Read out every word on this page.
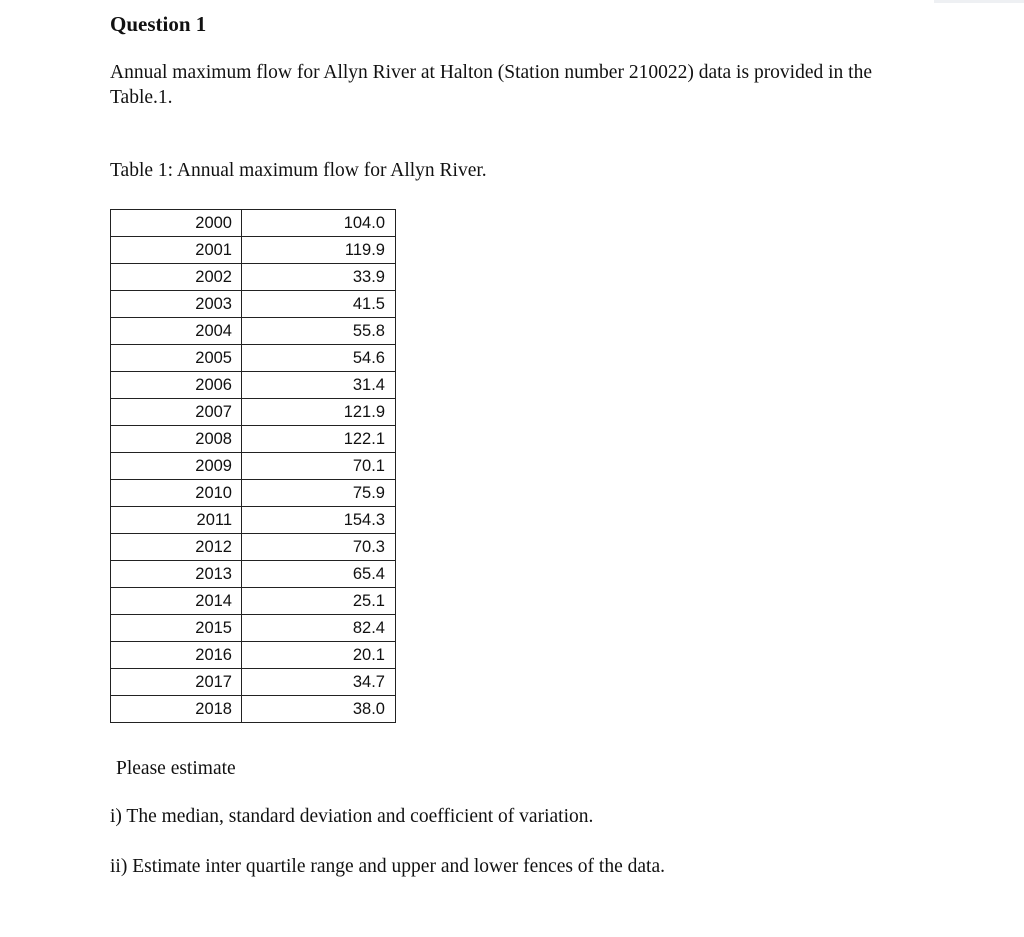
Question 1

Annual maximum flow for Allyn River at Halton (Station number 210022) data is provided in the Table.1.

Table 1: Annual maximum flow for Allyn River.

2000	104.0
2001	119.9
2002	33.9
2003	41.5
2004	55.8
2005	54.6
2006	31.4
2007	121.9
2008	122.1
2009	70.1
2010	75.9
2011	154.3
2012	70.3
2013	65.4
2014	25.1
2015	82.4
2016	20.1
2017	34.7
2018	38.0

Please estimate

i) The median, standard deviation and coefficient of variation.

ii) Estimate inter quartile range and upper and lower fences of the data.
